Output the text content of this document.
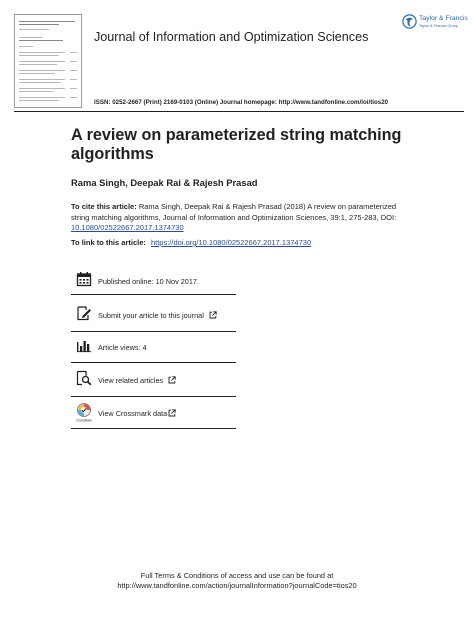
Journal of Information and Optimization Sciences
Taylor & Francis
Taylor & Francis Group
ISSN: 0252-2667 (Print) 2169-0103 (Online) Journal homepage: http://www.tandfonline.com/loi/tios20
A review on parameterized string matching algorithms
Rama Singh, Deepak Rai & Rajesh Prasad
To cite this article: Rama Singh, Deepak Rai & Rajesh Prasad (2018) A review on parameterized
string matching algorithms, Journal of Information and Optimization Sciences, 39:1, 275-283, DOI:
10.1080/02522667.2017.1374730
To link to this article: https://doi.org/10.1080/02522667.2017.1374730
Published online: 10 Nov 2017.
Submit your article to this journal
Article views: 4
View related articles
CrossMark
View Crossmark data
Full Terms & Conditions of access and use can be found at
http://www.tandfonline.com/action/journalInformation?journalCode=tios20
